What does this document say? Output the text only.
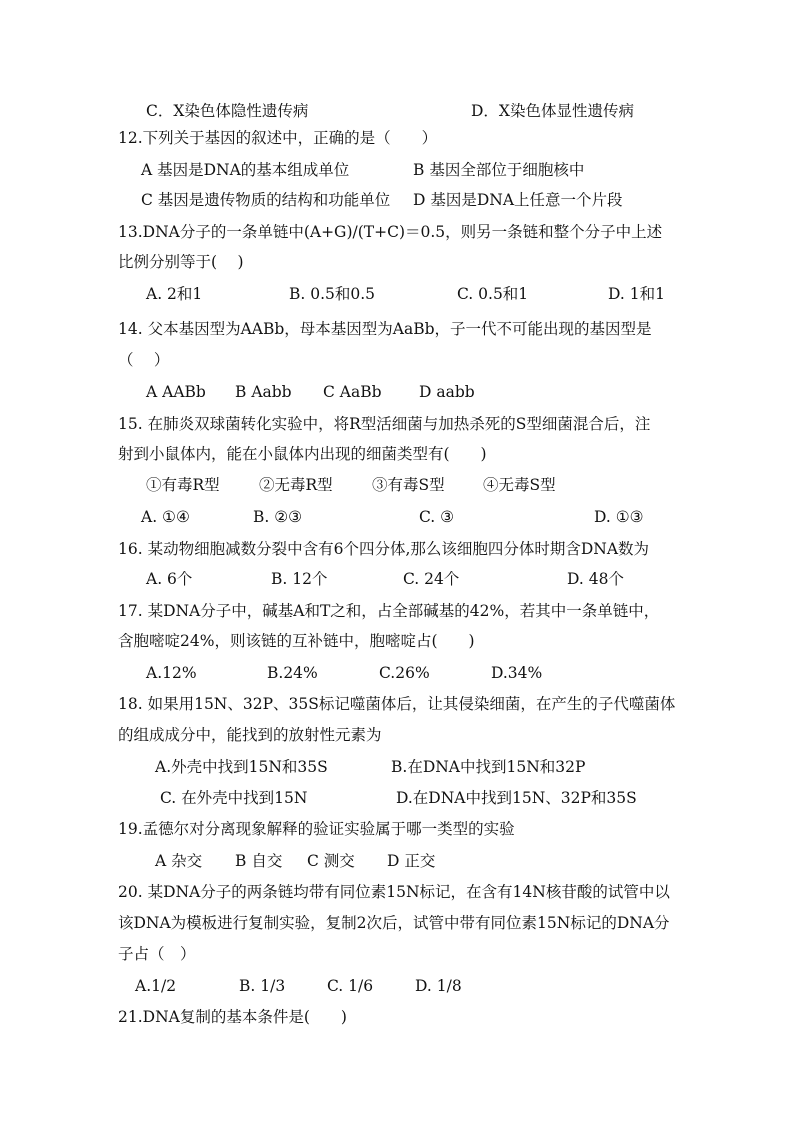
C．X染色体隐性遗传病	D．X染色体显性遗传病
12.下列关于基因的叙述中，正确的是（　　）
A 基因是DNA的基本组成单位	B 基因全部位于细胞核中
C 基因是遗传物质的结构和功能单位 D 基因是DNA上任意一个片段
13.DNA分子的一条单链中(A+G)/(T+C)＝0.5，则另一条链和整个分子中上述
比例分别等于(　 )
A. 2和1	B. 0.5和0.5	C. 0.5和1	D. 1和1
14. 父本基因型为AABb，母本基因型为AaBb，子一代不可能出现的基因型是
（　 ）
A AABb B Aabb C AaBb D aabb
15. 在肺炎双球菌转化实验中，将R型活细菌与加热杀死的S型细菌混合后，注
射到小鼠体内，能在小鼠体内出现的细菌类型有(　　)
①有毒R型	②无毒R型	③有毒S型 ④无毒S型
A. ①④	B. ②③	C. ③	D. ①③
16. 某动物细胞减数分裂中含有6个四分体,那么该细胞四分体时期含DNA数为
A. 6个	B. 12个	C. 24个	D. 48个
17. 某DNA分子中，碱基A和T之和，占全部碱基的42%，若其中一条单链中，
含胞嘧啶24%，则该链的互补链中，胞嘧啶占(　　)
A.12%	B.24%	C.26%	D.34%
18. 如果用15N、32P、35S标记噬菌体后，让其侵染细菌，在产生的子代噬菌体
的组成成分中，能找到的放射性元素为
A.外壳中找到15N和35S	B.在DNA中找到15N和32P
C. 在外壳中找到15N	D.在DNA中找到15N、32P和35S
19.孟德尔对分离现象解释的验证实验属于哪一类型的实验
A 杂交 B 自交 C 测交 D 正交
20. 某DNA分子的两条链均带有同位素15N标记，在含有14N核苷酸的试管中以
该DNA为模板进行复制实验，复制2次后，试管中带有同位素15N标记的DNA分
子占（　）
A.1/2	B. 1/3	C. 1/6	D. 1/8
21.DNA复制的基本条件是(　　)
